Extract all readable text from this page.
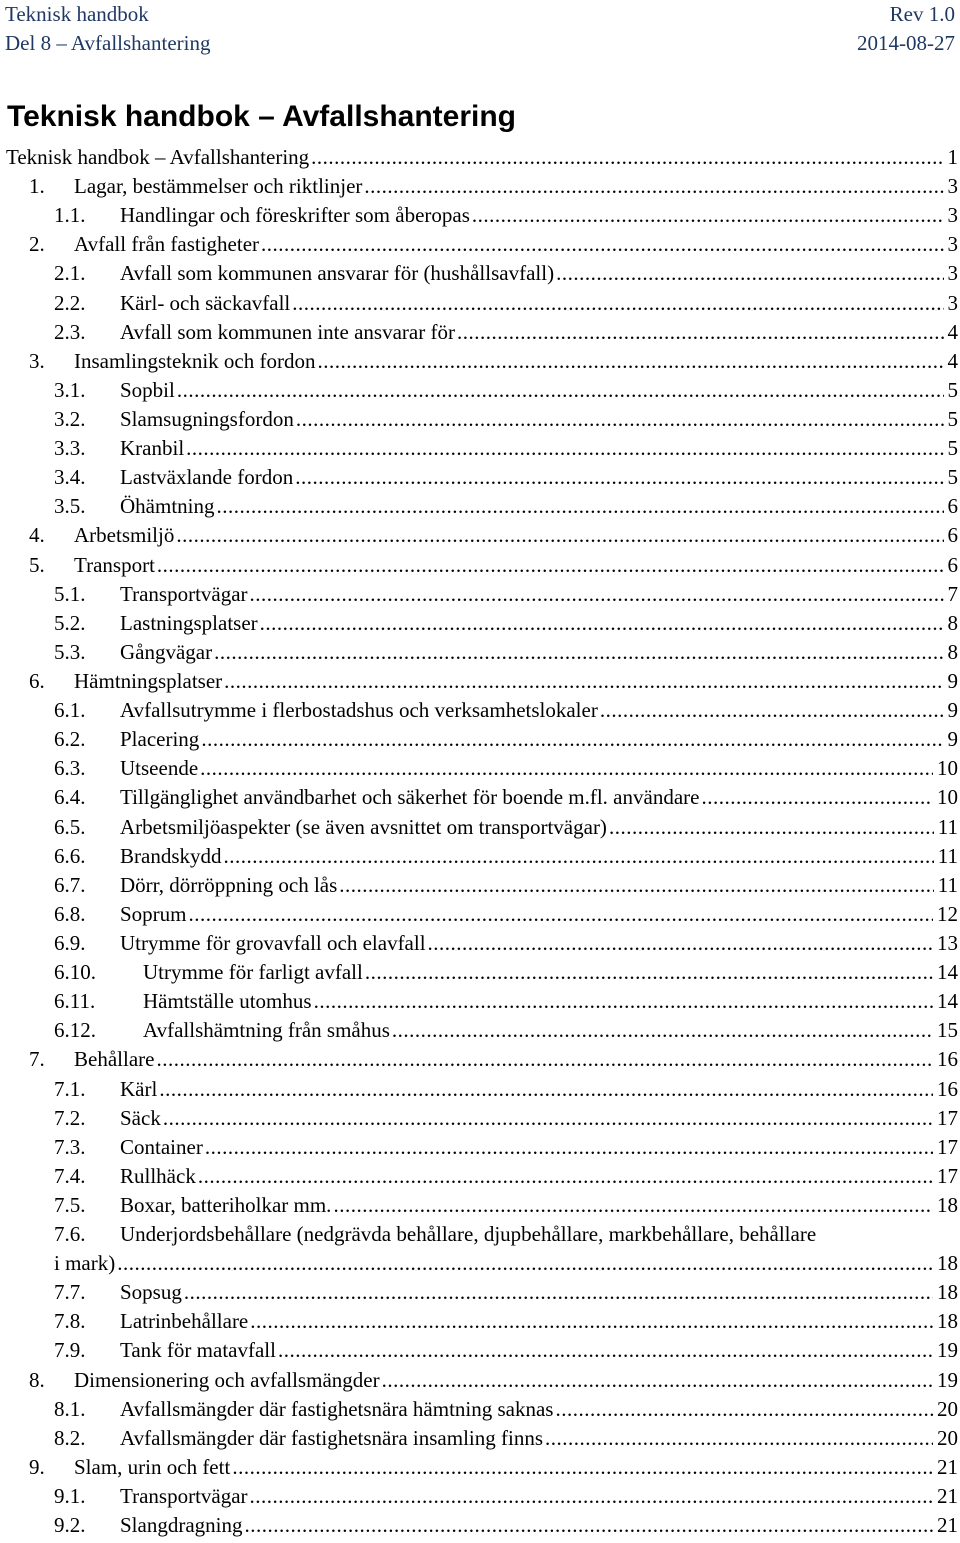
Teknisk handbok	Rev 1.0
Del 8 – Avfallshantering	2014-08-27
Teknisk handbok – Avfallshantering
Teknisk handbok – Avfallshantering .....	1
1.	Lagar, bestämmelser och riktlinjer .....	3
1.1.	Handlingar och föreskrifter som åberopas .....	3
2.	Avfall från fastigheter .....	3
2.1.	Avfall som kommunen ansvarar för (hushållsavfall) .....	3
2.2.	Kärl- och säckavfall .....	3
2.3.	Avfall som kommunen inte ansvarar för .....	4
3.	Insamlingsteknik och fordon .....	4
3.1.	Sopbil .....	5
3.2.	Slamsugningsfordon .....	5
3.3.	Kranbil .....	5
3.4.	Lastväxlande fordon .....	5
3.5.	Öhämtning .....	6
4.	Arbetsmiljö .....	6
5.	Transport .....	6
5.1.	Transportvägar .....	7
5.2.	Lastningsplatser .....	8
5.3.	Gångvägar .....	8
6.	Hämtningsplatser .....	9
6.1.	Avfallsutrymme i flerbostadshus och verksamhetslokaler .....	9
6.2.	Placering .....	9
6.3.	Utseende .....	10
6.4.	Tillgänglighet användbarhet och säkerhet för boende m.fl. användare .....	10
6.5.	Arbetsmiljöaspekter (se även avsnittet om transportvägar) .....	11
6.6.	Brandskydd .....	11
6.7.	Dörr, dörröppning och lås .....	11
6.8.	Soprum .....	12
6.9.	Utrymme för grovavfall och elavfall .....	13
6.10.	Utrymme för farligt avfall .....	14
6.11.	Hämtställe utomhus .....	14
6.12.	Avfallshämtning från småhus .....	15
7.	Behållare .....	16
7.1.	Kärl .....	16
7.2.	Säck .....	17
7.3.	Container .....	17
7.4.	Rullhäck .....	17
7.5.	Boxar, batteriholkar mm. .....	18
7.6.	Underjordsbehållare (nedgrävda behållare, djupbehållare, markbehållare, behållare
i mark) .....	18
7.7.	Sopsug .....	18
7.8.	Latrinbehållare .....	18
7.9.	Tank för matavfall .....	19
8.	Dimensionering och avfallsmängder .....	19
8.1.	Avfallsmängder där fastighetsnära hämtning saknas .....	20
8.2.	Avfallsmängder där fastighetsnära insamling finns .....	20
9.	Slam, urin och fett .....	21
9.1.	Transportvägar .....	21
9.2.	Slangdragning .....	21
